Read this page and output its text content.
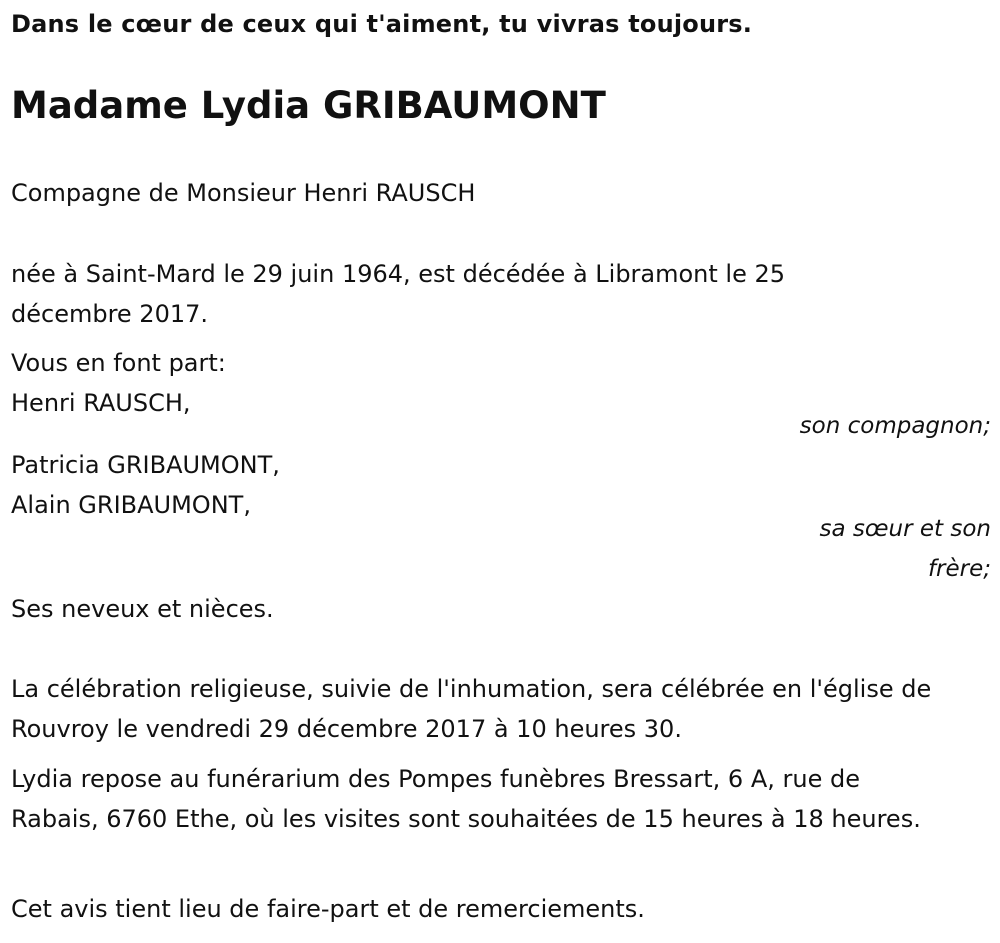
Dans le cœur de ceux qui t'aiment, tu vivras toujours.
Madame Lydia GRIBAUMONT
Compagne de Monsieur Henri RAUSCH
née à Saint-Mard le 29 juin 1964, est décédée à Libramont le 25 décembre 2017.
Vous en font part:
Henri RAUSCH,
son compagnon;
Patricia GRIBAUMONT,
Alain GRIBAUMONT,
sa sœur et son frère;
Ses neveux et nièces.
La célébration religieuse, suivie de l'inhumation, sera célébrée en l'église de Rouvroy le vendredi 29 décembre 2017 à 10 heures 30.
Lydia repose au funérarium des Pompes funèbres Bressart, 6 A, rue de Rabais, 6760 Ethe, où les visites sont souhaitées de 15 heures à 18 heures.
Cet avis tient lieu de faire-part et de remerciements.
